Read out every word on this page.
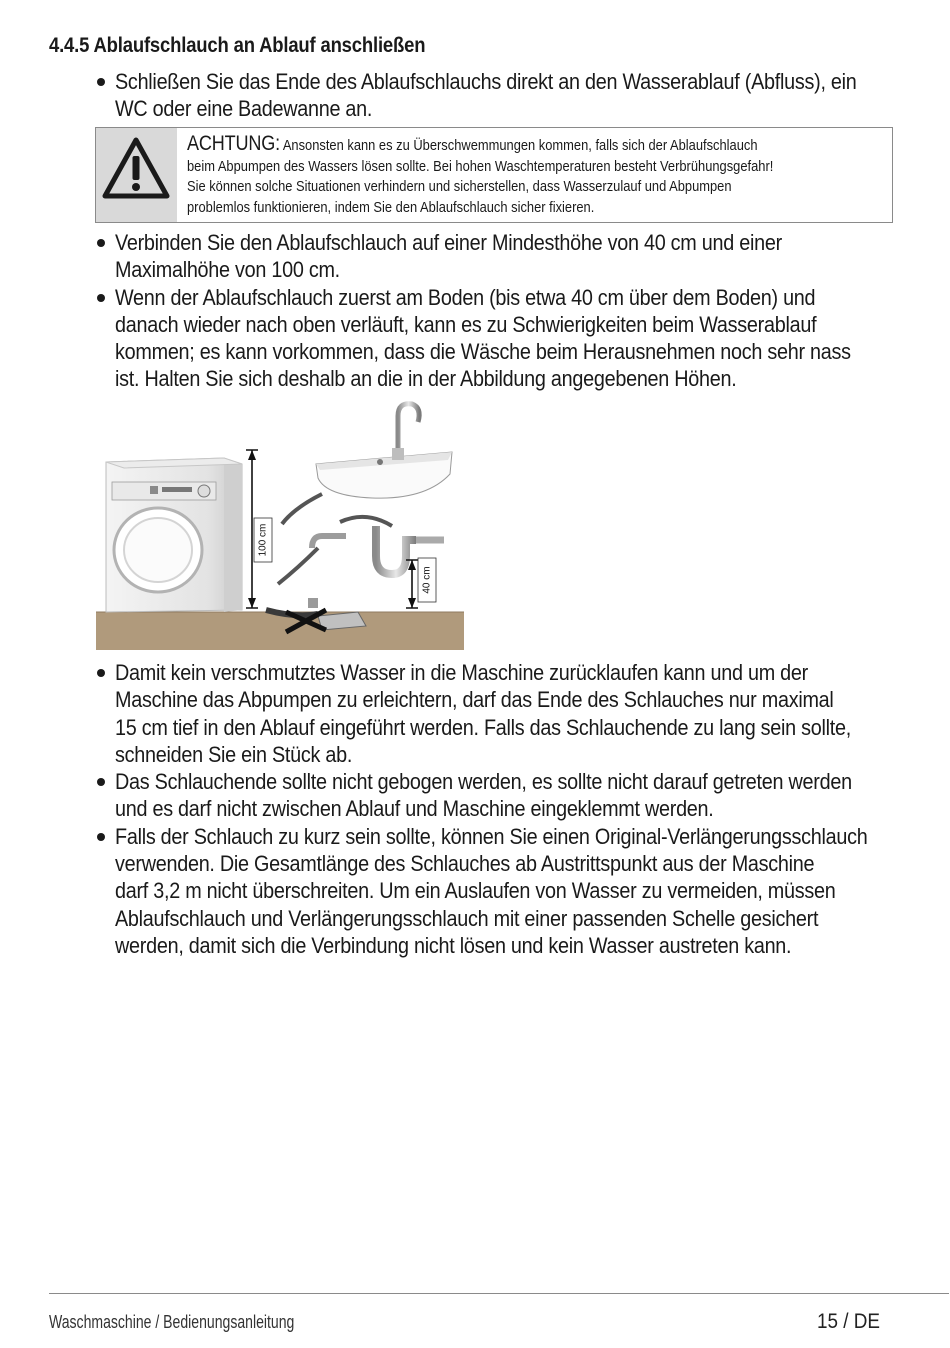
4.4.5 Ablaufschlauch an Ablauf anschließen
Schließen Sie das Ende des Ablaufschlauchs direkt an den Wasserablauf (Abfluss), ein
WC oder eine Badewanne an.
ACHTUNG: Ansonsten kann es zu Überschwemmungen kommen, falls sich der Ablaufschlauch
beim Abpumpen des Wassers lösen sollte. Bei hohen Waschtemperaturen besteht Verbrühungsgefahr!
Sie können solche Situationen verhindern und sicherstellen, dass Wasserzulauf und Abpumpen
problemlos funktionieren, indem Sie den Ablaufschlauch sicher fixieren.
Verbinden Sie den Ablaufschlauch auf einer Mindesthöhe von 40 cm und einer
Maximalhöhe von 100 cm.
Wenn der Ablaufschlauch zuerst am Boden (bis etwa 40 cm über dem Boden) und
danach wieder nach oben verläuft, kann es zu Schwierigkeiten beim Wasserablauf
kommen; es kann vorkommen, dass die Wäsche beim Herausnehmen noch sehr nass
ist. Halten Sie sich deshalb an die in der Abbildung angegebenen Höhen.
100 cm
40 cm
Damit kein verschmutztes Wasser in die Maschine zurücklaufen kann und um der
Maschine das Abpumpen zu erleichtern, darf das Ende des Schlauches nur maximal
15 cm tief in den Ablauf eingeführt werden. Falls das Schlauchende zu lang sein sollte,
schneiden Sie ein Stück ab.
Das Schlauchende sollte nicht gebogen werden, es sollte nicht darauf getreten werden
und es darf nicht zwischen Ablauf und Maschine eingeklemmt werden.
Falls der Schlauch zu kurz sein sollte, können Sie einen Original-Verlängerungsschlauch
verwenden. Die Gesamtlänge des Schlauches ab Austrittspunkt aus der Maschine
darf 3,2 m nicht überschreiten. Um ein Auslaufen von Wasser zu vermeiden, müssen
Ablaufschlauch und Verlängerungsschlauch mit einer passenden Schelle gesichert
werden, damit sich die Verbindung nicht lösen und kein Wasser austreten kann.
Waschmaschine / Bedienungsanleitung	15 / DE
